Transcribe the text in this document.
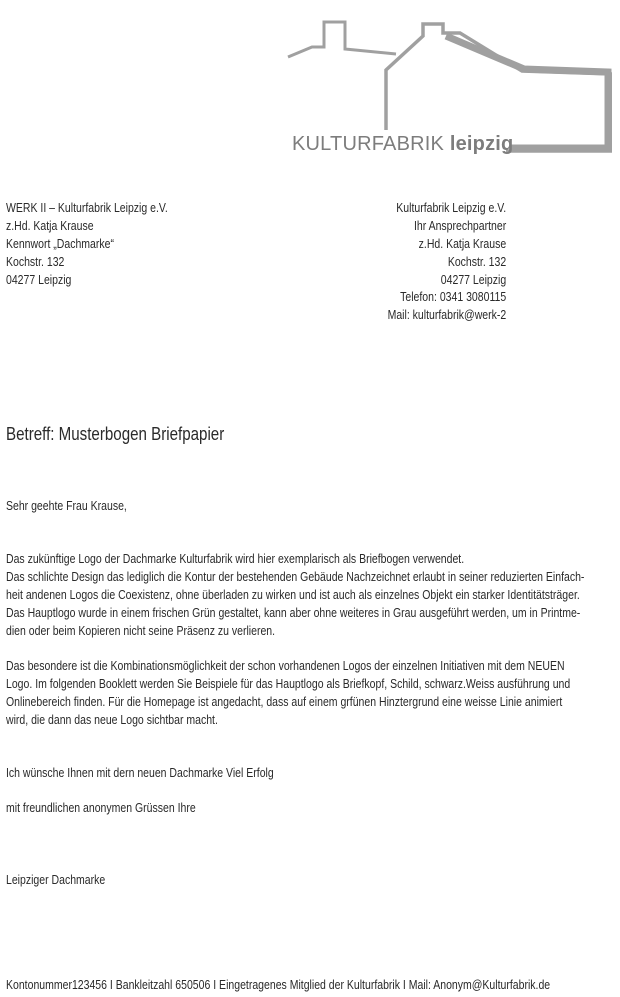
KULTURFABRIK leipzig
WERK II – Kulturfabrik Leipzig e.V.
z.Hd. Katja Krause
Kennwort „Dachmarke“
Kochstr. 132
04277 Leipzig
Kulturfabrik Leipzig e.V.
Ihr Ansprechpartner
z.Hd. Katja Krause
Kochstr. 132
04277 Leipzig
Telefon: 0341 3080115
Mail: kulturfabrik@werk-2
Betreff: Musterbogen Briefpapier
Sehr geehte Frau Krause,
Das zukünftige Logo der Dachmarke Kulturfabrik wird hier exemplarisch als Briefbogen verwendet.
Das schlichte Design das lediglich die Kontur der bestehenden Gebäude Nachzeichnet erlaubt in seiner reduzierten Einfach-
heit andenen Logos die Coexistenz, ohne überladen zu wirken und ist auch als einzelnes Objekt ein starker Identitätsträger.
Das Hauptlogo wurde in einem frischen Grün gestaltet, kann aber ohne weiteres in Grau ausgeführt werden, um in Printme-
dien oder beim Kopieren nicht seine Präsenz zu verlieren.
Das besondere ist die Kombinationsmöglichkeit der schon vorhandenen Logos der einzelnen Initiativen mit dem NEUEN
Logo. Im folgenden Booklett werden Sie Beispiele für das Hauptlogo als Briefkopf, Schild, schwarz.Weiss ausführung und
Onlinebereich finden. Für die Homepage ist angedacht, dass auf einem grfünen Hinztergrund eine weisse Linie animiert
wird, die dann das neue Logo sichtbar macht.
Ich wünsche Ihnen mit dern neuen Dachmarke Viel Erfolg
mit freundlichen anonymen Grüssen Ihre
Leipziger Dachmarke
Kontonummer123456 I Bankleitzahl 650506 I Eingetragenes Mitglied der Kulturfabrik I Mail: Anonym@Kulturfabrik.de
